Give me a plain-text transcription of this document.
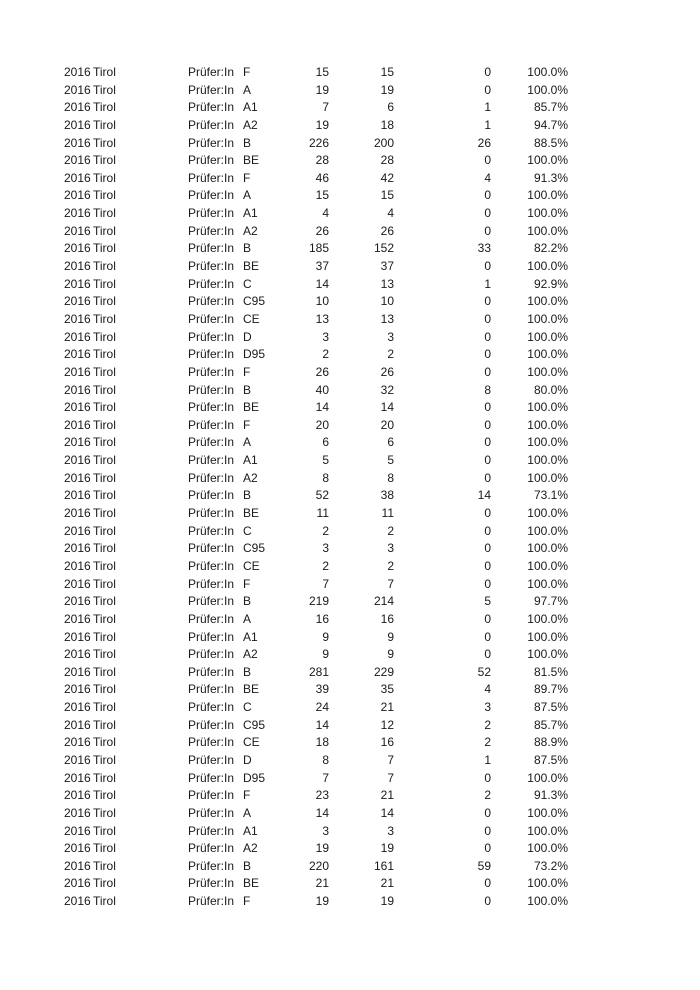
2016 Tirol	Prüfer:In F	15	15	0	100.0%
2016 Tirol	Prüfer:In A	19	19	0	100.0%
2016 Tirol	Prüfer:In A1	7	6	1	85.7%
2016 Tirol	Prüfer:In A2	19	18	1	94.7%
2016 Tirol	Prüfer:In B	226	200	26	88.5%
2016 Tirol	Prüfer:In BE	28	28	0	100.0%
2016 Tirol	Prüfer:In F	46	42	4	91.3%
2016 Tirol	Prüfer:In A	15	15	0	100.0%
2016 Tirol	Prüfer:In A1	4	4	0	100.0%
2016 Tirol	Prüfer:In A2	26	26	0	100.0%
2016 Tirol	Prüfer:In B	185	152	33	82.2%
2016 Tirol	Prüfer:In BE	37	37	0	100.0%
2016 Tirol	Prüfer:In C	14	13	1	92.9%
2016 Tirol	Prüfer:In C95	10	10	0	100.0%
2016 Tirol	Prüfer:In CE	13	13	0	100.0%
2016 Tirol	Prüfer:In D	3	3	0	100.0%
2016 Tirol	Prüfer:In D95	2	2	0	100.0%
2016 Tirol	Prüfer:In F	26	26	0	100.0%
2016 Tirol	Prüfer:In B	40	32	8	80.0%
2016 Tirol	Prüfer:In BE	14	14	0	100.0%
2016 Tirol	Prüfer:In F	20	20	0	100.0%
2016 Tirol	Prüfer:In A	6	6	0	100.0%
2016 Tirol	Prüfer:In A1	5	5	0	100.0%
2016 Tirol	Prüfer:In A2	8	8	0	100.0%
2016 Tirol	Prüfer:In B	52	38	14	73.1%
2016 Tirol	Prüfer:In BE	11	11	0	100.0%
2016 Tirol	Prüfer:In C	2	2	0	100.0%
2016 Tirol	Prüfer:In C95	3	3	0	100.0%
2016 Tirol	Prüfer:In CE	2	2	0	100.0%
2016 Tirol	Prüfer:In F	7	7	0	100.0%
2016 Tirol	Prüfer:In B	219	214	5	97.7%
2016 Tirol	Prüfer:In A	16	16	0	100.0%
2016 Tirol	Prüfer:In A1	9	9	0	100.0%
2016 Tirol	Prüfer:In A2	9	9	0	100.0%
2016 Tirol	Prüfer:In B	281	229	52	81.5%
2016 Tirol	Prüfer:In BE	39	35	4	89.7%
2016 Tirol	Prüfer:In C	24	21	3	87.5%
2016 Tirol	Prüfer:In C95	14	12	2	85.7%
2016 Tirol	Prüfer:In CE	18	16	2	88.9%
2016 Tirol	Prüfer:In D	8	7	1	87.5%
2016 Tirol	Prüfer:In D95	7	7	0	100.0%
2016 Tirol	Prüfer:In F	23	21	2	91.3%
2016 Tirol	Prüfer:In A	14	14	0	100.0%
2016 Tirol	Prüfer:In A1	3	3	0	100.0%
2016 Tirol	Prüfer:In A2	19	19	0	100.0%
2016 Tirol	Prüfer:In B	220	161	59	73.2%
2016 Tirol	Prüfer:In BE	21	21	0	100.0%
2016 Tirol	Prüfer:In F	19	19	0	100.0%
